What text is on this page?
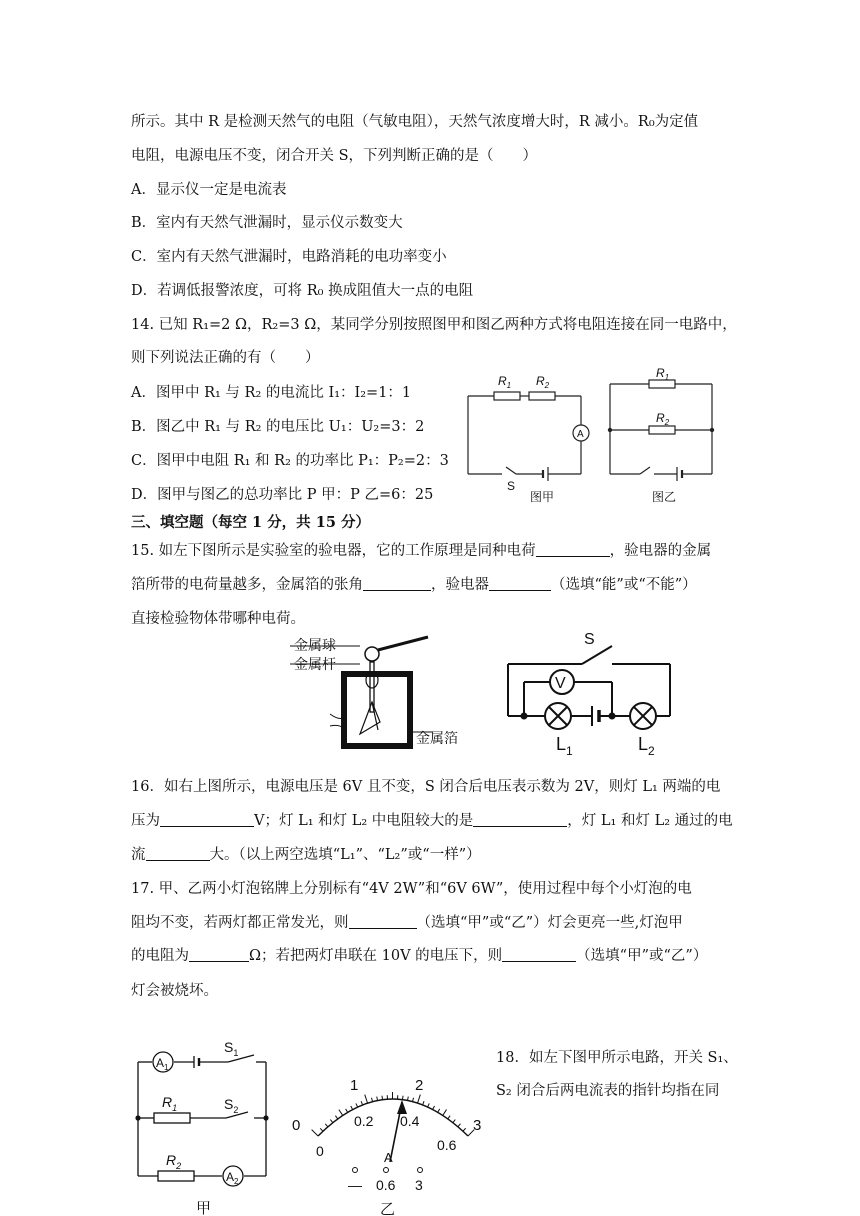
所示。其中 R 是检测天然气的电阻（气敏电阻），天然气浓度增大时，R 减小。R₀为定值
电阻，电源电压不变，闭合开关 S，下列判断正确的是（　　）
A．显示仪一定是电流表
B．室内有天然气泄漏时，显示仪示数变大
C．室内有天然气泄漏时，电路消耗的电功率变小
D．若调低报警浓度，可将 R₀ 换成阻值大一点的电阻
14. 已知 R₁=2 Ω，R₂=3 Ω，某同学分别按照图甲和图乙两种方式将电阻连接在同一电路中，
则下列说法正确的有（　　）
A．图甲中 R₁ 与 R₂ 的电流比 I₁：I₂=1：1
B．图乙中 R₁ 与 R₂ 的电压比 U₁：U₂=3：2
C．图甲中电阻 R₁ 和 R₂ 的功率比 P₁：P₂=2：3
D．图甲与图乙的总功率比 P 甲：P 乙=6：25
$R_1$ $R_2$
A
S
图甲
$R_1$
$R_2$
图乙
三、填空题（每空 1 分，共 15 分）
15. 如左下图所示是实验室的验电器，它的工作原理是同种电荷	，验电器的金属
箔所带的电荷量越多，金属箔的张角	，验电器	（选填“能”或“不能”）
直接检验物体带哪种电荷。
金属球
金属杆
金属箔
S
V
$L_1$	$L_2$
16．如右上图所示，电源电压是 6V 且不变，S 闭合后电压表示数为 2V，则灯 L₁ 两端的电
压为	V；灯 L₁ 和灯 L₂ 中电阻较大的是	，灯 L₁ 和灯 L₂ 通过的电
流	大。（以上两空选填“L₁”、“L₂”或“一样”）
17. 甲、乙两小灯泡铭牌上分别标有“4V 2W”和“6V 6W”，使用过程中每个小灯泡的电
阻均不变，若两灯都正常发光，则	（选填“甲”或“乙”）灯会更亮一些,灯泡甲
的电阻为	Ω；若把两灯串联在 10V 的电压下，则	（选填“甲”或“乙”）
灯会被烧坏。
18．如左下图甲所示电路，开关 S₁、
S₂ 闭合后两电流表的指针均指在同
$A_1$
$S_1$
$R_1$	$S_2$
$R_2$
$A_2$
甲
0
1	2
3
0
0.2 0.4
0.6
A
— 0.6 3
乙
